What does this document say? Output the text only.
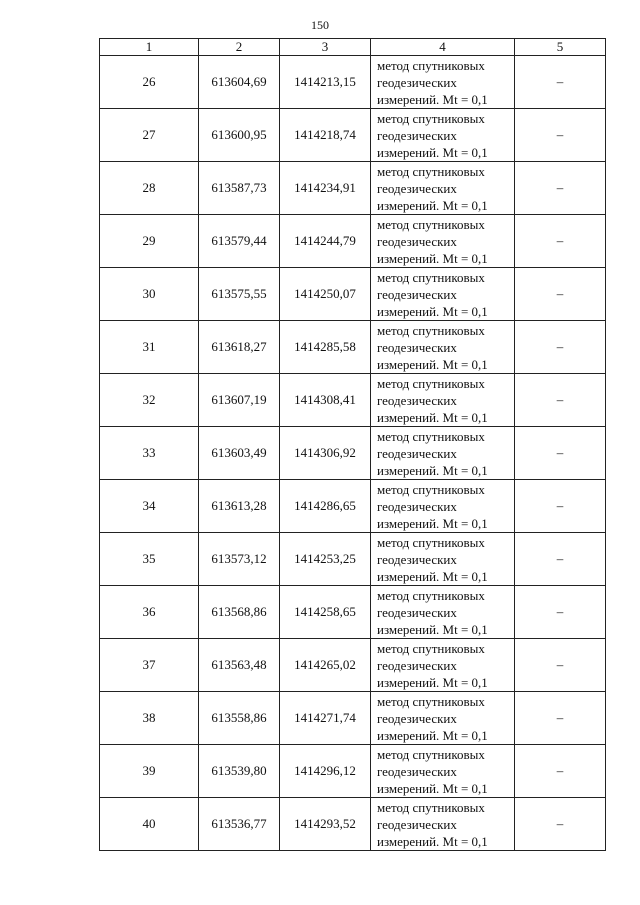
150
1	2	3	4	5
26	613604,69	1414213,15	метод спутниковых
геодезических
измерений. Mt = 0,1	–
27	613600,95	1414218,74	метод спутниковых
геодезических
измерений. Mt = 0,1	–
28	613587,73	1414234,91	метод спутниковых
геодезических
измерений. Mt = 0,1	–
29	613579,44	1414244,79	метод спутниковых
геодезических
измерений. Mt = 0,1	–
30	613575,55	1414250,07	метод спутниковых
геодезических
измерений. Mt = 0,1	–
31	613618,27	1414285,58	метод спутниковых
геодезических
измерений. Mt = 0,1	–
32	613607,19	1414308,41	метод спутниковых
геодезических
измерений. Mt = 0,1	–
33	613603,49	1414306,92	метод спутниковых
геодезических
измерений. Mt = 0,1	–
34	613613,28	1414286,65	метод спутниковых
геодезических
измерений. Mt = 0,1	–
35	613573,12	1414253,25	метод спутниковых
геодезических
измерений. Mt = 0,1	–
36	613568,86	1414258,65	метод спутниковых
геодезических
измерений. Mt = 0,1	–
37	613563,48	1414265,02	метод спутниковых
геодезических
измерений. Mt = 0,1	–
38	613558,86	1414271,74	метод спутниковых
геодезических
измерений. Mt = 0,1	–
39	613539,80	1414296,12	метод спутниковых
геодезических
измерений. Mt = 0,1	–
40	613536,77	1414293,52	метод спутниковых
геодезических
измерений. Mt = 0,1	–
